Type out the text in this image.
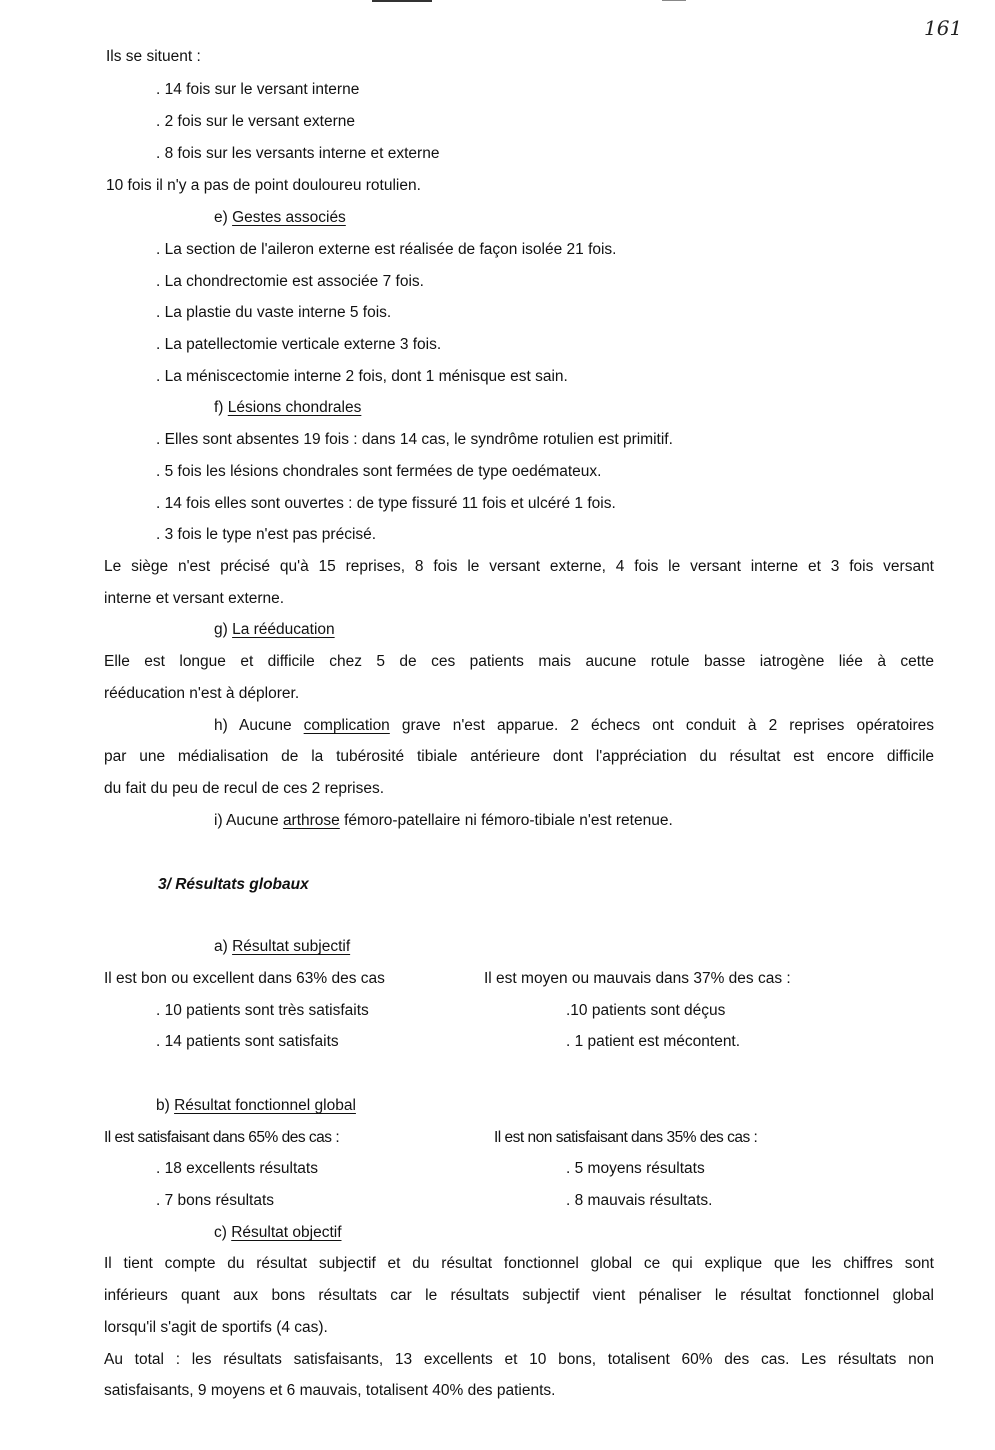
161
Ils se situent :
. 14 fois sur le versant interne
. 2 fois sur le versant externe
. 8 fois sur les versants interne et externe
10 fois il n'y a pas de point douloureu rotulien.
e) Gestes associés
. La section de l'aileron externe est réalisée de façon isolée 21 fois.
. La chondrectomie est associée 7 fois.
. La plastie du vaste interne 5 fois.
. La patellectomie verticale externe 3 fois.
. La méniscectomie interne 2 fois, dont 1 ménisque est sain.
f) Lésions chondrales
. Elles sont absentes 19 fois : dans 14 cas, le syndrôme rotulien est primitif.
. 5 fois les lésions chondrales sont fermées de type oedémateux.
. 14 fois elles sont ouvertes : de type fissuré 11 fois et ulcéré 1 fois.
. 3 fois le type n'est pas précisé.
Le siège n'est précisé qu'à 15 reprises, 8 fois le versant externe, 4 fois le versant interne et 3 fois versant
interne et versant externe.
g) La rééducation
Elle est longue et difficile chez 5 de ces patients mais aucune rotule basse iatrogène liée à cette
rééducation n'est à déplorer.
h) Aucune complication grave n'est apparue. 2 échecs ont conduit à 2 reprises opératoires
par une médialisation de la tubérosité tibiale antérieure dont l'appréciation du résultat est encore difficile
du fait du peu de recul de ces 2 reprises.
i) Aucune arthrose fémoro-patellaire ni fémoro-tibiale n'est retenue.
3/ Résultats globaux
a) Résultat subjectif
Il est bon ou excellent dans 63% des cas	Il est moyen ou mauvais dans 37% des cas :
. 10 patients sont très satisfaits	.10 patients sont déçus
. 14 patients sont satisfaits	. 1 patient est mécontent.
b) Résultat fonctionnel global
Il est satisfaisant dans 65% des cas :	Il est non satisfaisant dans 35% des cas :
. 18 excellents résultats	. 5 moyens résultats
. 7 bons résultats	. 8 mauvais résultats.
c) Résultat objectif
Il tient compte du résultat subjectif et du résultat fonctionnel global ce qui explique que les chiffres sont
inférieurs quant aux bons résultats car le résultats subjectif vient pénaliser le résultat fonctionnel global
lorsqu'il s'agit de sportifs (4 cas).
Au total : les résultats satisfaisants, 13 excellents et 10 bons, totalisent 60% des cas. Les résultats non
satisfaisants, 9 moyens et 6 mauvais, totalisent 40% des patients.
